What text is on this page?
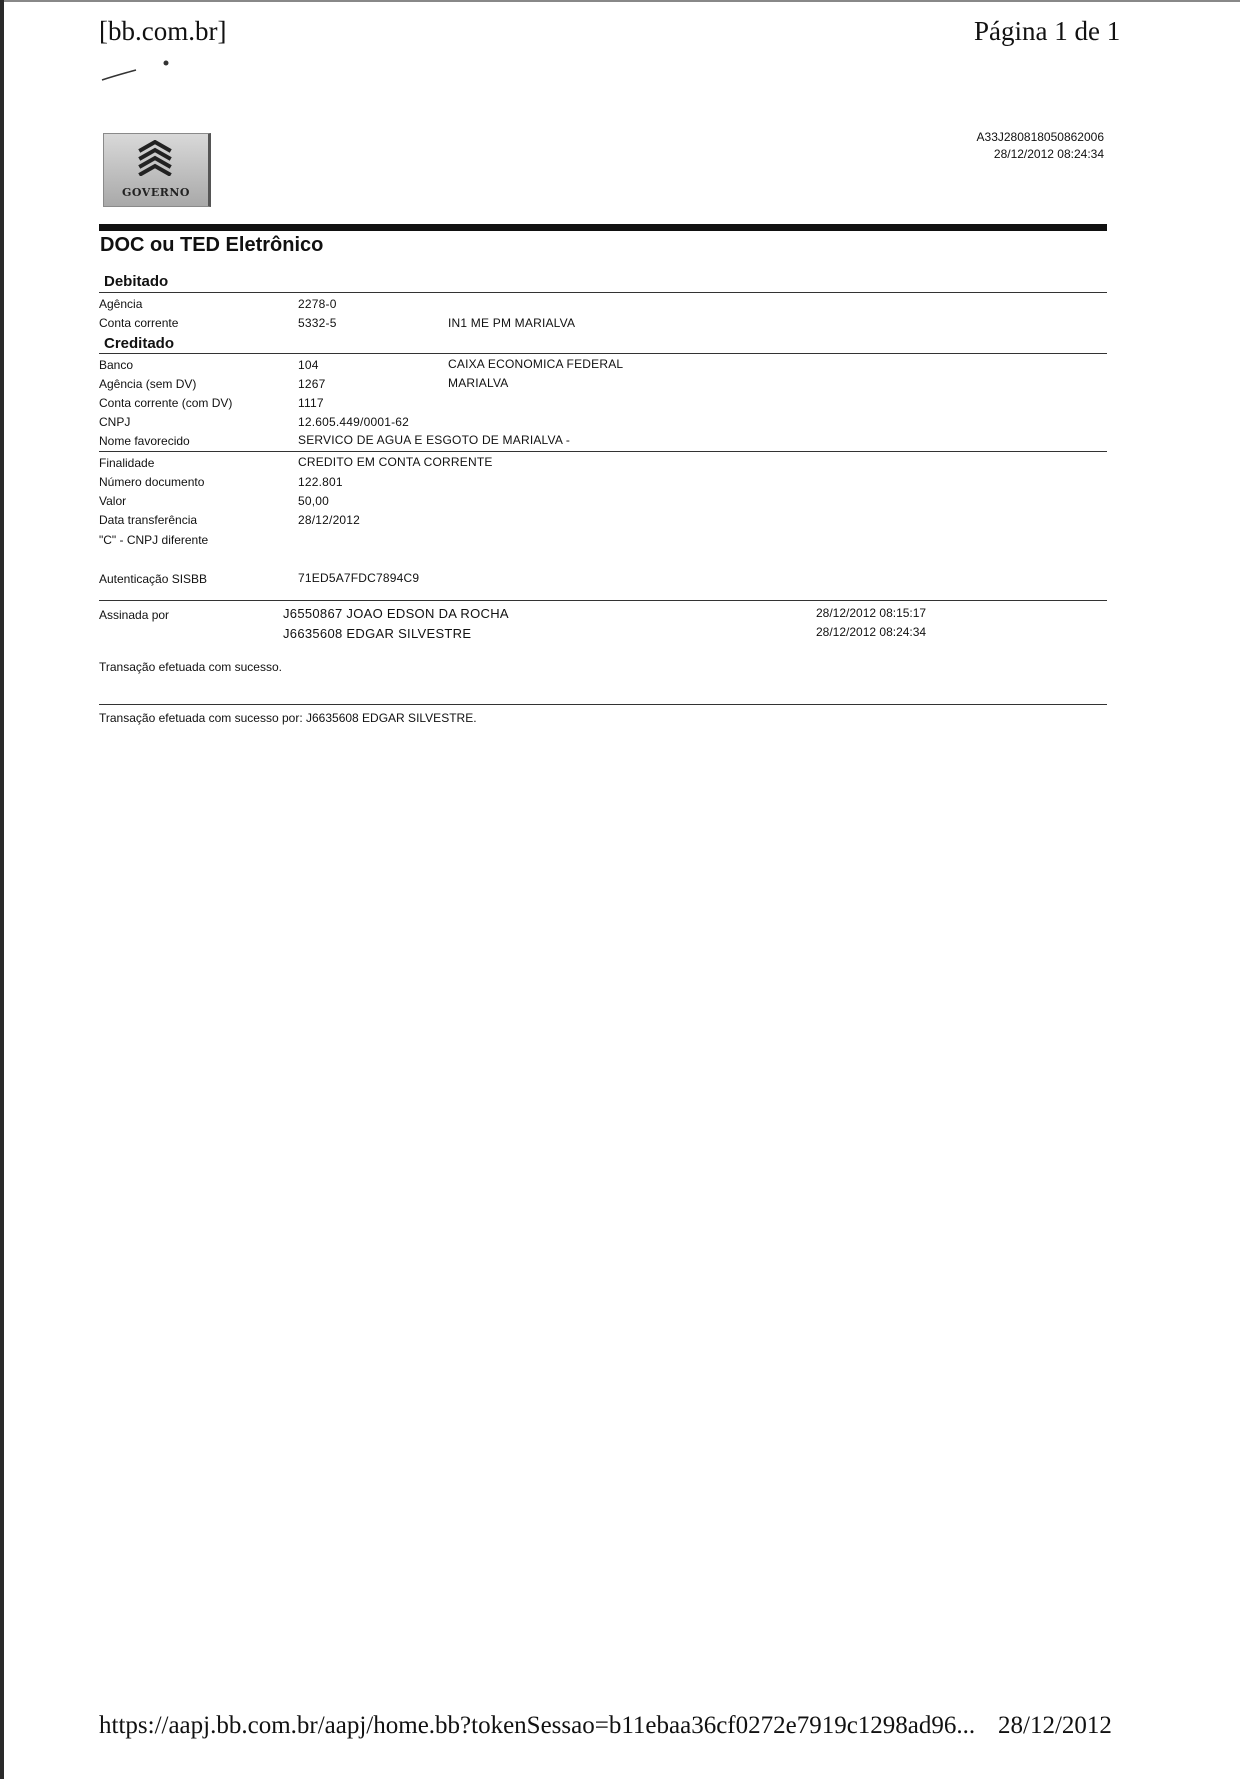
[bb.com.br]	Página 1 de 1
GOVERNO
A33J280818050862006
28/12/2012 08:24:34
DOC ou TED Eletrônico
Debitado
Agência	2278-0
Conta corrente	5332-5	IN1 ME PM MARIALVA
Creditado
Banco	104	CAIXA ECONOMICA FEDERAL
Agência (sem DV)	1267	MARIALVA
Conta corrente (com DV)	1117
CNPJ	12.605.449/0001-62
Nome favorecido	SERVICO DE AGUA E ESGOTO DE MARIALVA -
Finalidade	CREDITO EM CONTA CORRENTE
Número documento	122.801
Valor	50,00
Data transferência	28/12/2012
"C" - CNPJ diferente
Autenticação SISBB	71ED5A7FDC7894C9
Assinada por	J6550867 JOAO EDSON DA ROCHA	28/12/2012 08:15:17
J6635608 EDGAR SILVESTRE	28/12/2012 08:24:34
Transação efetuada com sucesso.
Transação efetuada com sucesso por: J6635608 EDGAR SILVESTRE.
https://aapj.bb.com.br/aapj/home.bb?tokenSessao=b11ebaa36cf0272e7919c1298ad96... 28/12/2012
